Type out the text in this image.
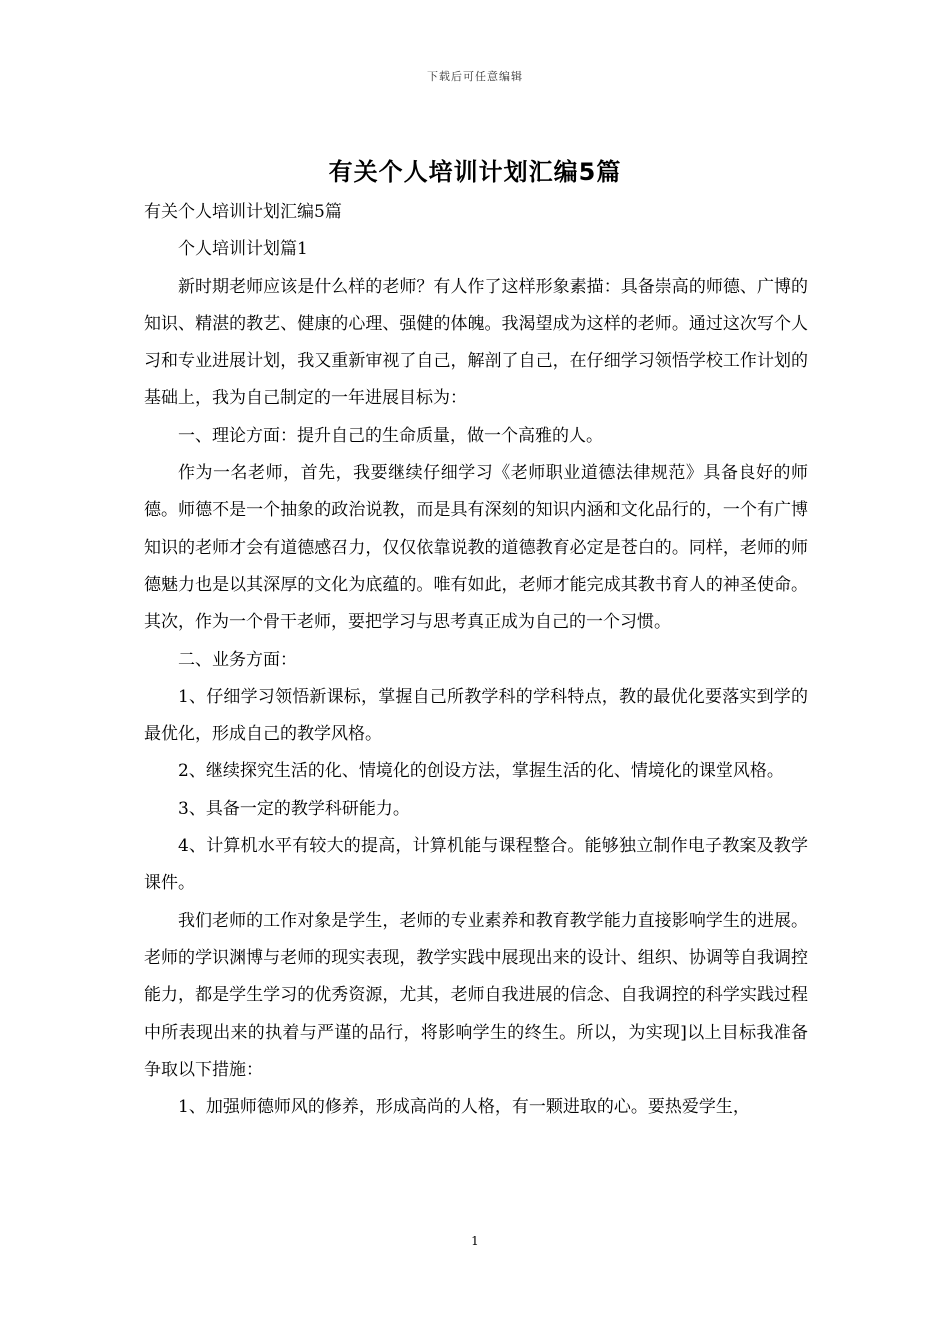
下载后可任意编辑
有关个人培训计划汇编5篇

有关个人培训计划汇编5篇

个人培训计划篇1

新时期老师应该是什么样的老师？有人作了这样形象素描：具备崇高的师德、广博的知识、精湛的教艺、健康的心理、强健的体魄。我渴望成为这样的老师。通过这次写个人习和专业进展计划，我又重新审视了自己，解剖了自己，在仔细学习领悟学校工作计划的基础上，我为自己制定的一年进展目标为：

一、理论方面：提升自己的生命质量，做一个高雅的人。

作为一名老师，首先，我要继续仔细学习《老师职业道德法律规范》具备良好的师德。师德不是一个抽象的政治说教，而是具有深刻的知识内涵和文化品行的，一个有广博知识的老师才会有道德感召力，仅仅依靠说教的道德教育必定是苍白的。同样，老师的师德魅力也是以其深厚的文化为底蕴的。唯有如此，老师才能完成其教书育人的神圣使命。其次，作为一个骨干老师，要把学习与思考真正成为自己的一个习惯。

二、业务方面：

1、仔细学习领悟新课标，掌握自己所教学科的学科特点，教的最优化要落实到学的最优化，形成自己的教学风格。

2、继续探究生活的化、情境化的创设方法，掌握生活的化、情境化的课堂风格。

3、具备一定的教学科研能力。

4、计算机水平有较大的提高，计算机能与课程整合。能够独立制作电子教案及教学课件。

我们老师的工作对象是学生，老师的专业素养和教育教学能力直接影响学生的进展。老师的学识渊博与老师的现实表现，教学实践中展现出来的设计、组织、协调等自我调控能力，都是学生学习的优秀资源，尤其，老师自我进展的信念、自我调控的科学实践过程中所表现出来的执着与严谨的品行，将影响学生的终生。所以，为实现]以上目标我准备争取以下措施：

1、加强师德师风的修养，形成高尚的人格，有一颗进取的心。要热爱学生，

1
